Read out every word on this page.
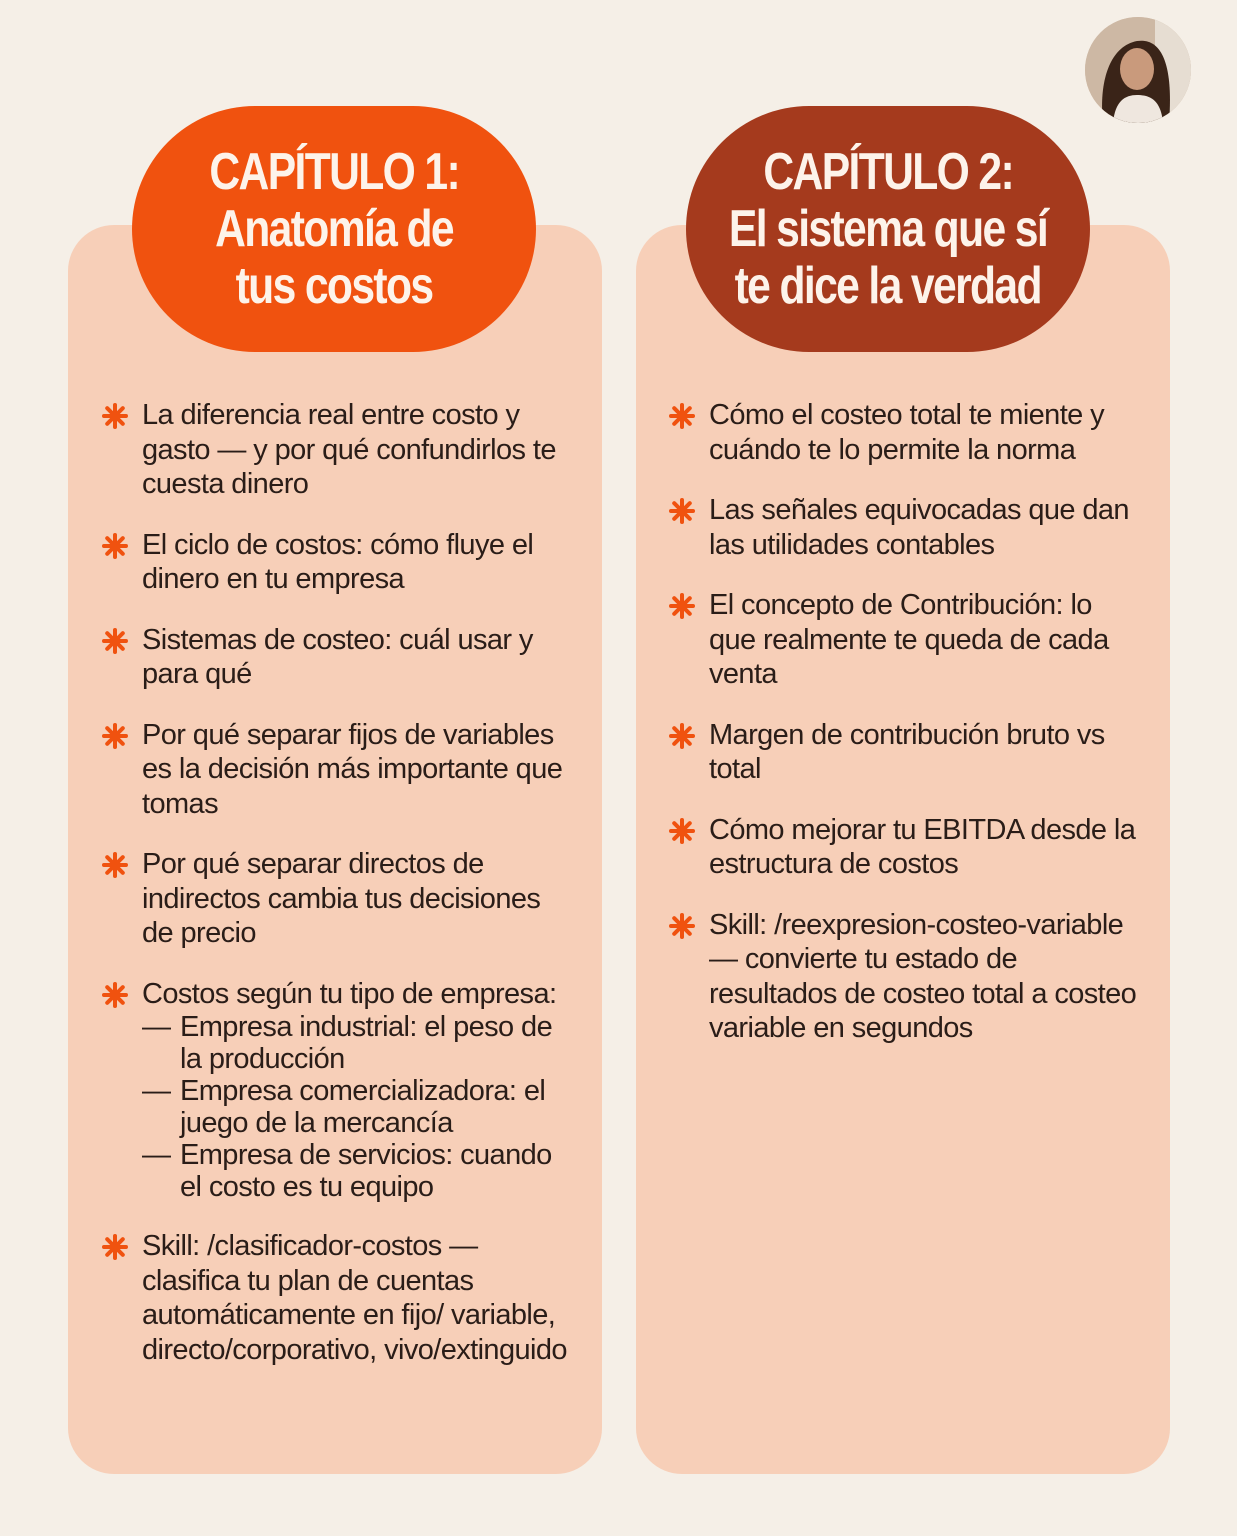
CAPÍTULO 1:
Anatomía de
tus costos
CAPÍTULO 2:
El sistema que sí
te dice la verdad
La diferencia real entre costo y gasto — y por qué confundirlos te cuesta dinero
El ciclo de costos: cómo fluye el dinero en tu empresa
Sistemas de costeo: cuál usar y para qué
Por qué separar fijos de variables es la decisión más importante que tomas
Por qué separar directos de indirectos cambia tus decisiones de precio
Costos según tu tipo de empresa:
— Empresa industrial: el peso de la producción
— Empresa comercializadora: el juego de la mercancía
— Empresa de servicios: cuando el costo es tu equipo
Skill: /clasificador-costos — clasifica tu plan de cuentas automáticamente en fijo/ variable, directo/corporativo, vivo/extinguido
Cómo el costeo total te miente y cuándo te lo permite la norma
Las señales equivocadas que dan las utilidades contables
El concepto de Contribución: lo que realmente te queda de cada venta
Margen de contribución bruto vs total
Cómo mejorar tu EBITDA desde la estructura de costos
Skill: /reexpresion-costeo-variable — convierte tu estado de resultados de costeo total a costeo variable en segundos
